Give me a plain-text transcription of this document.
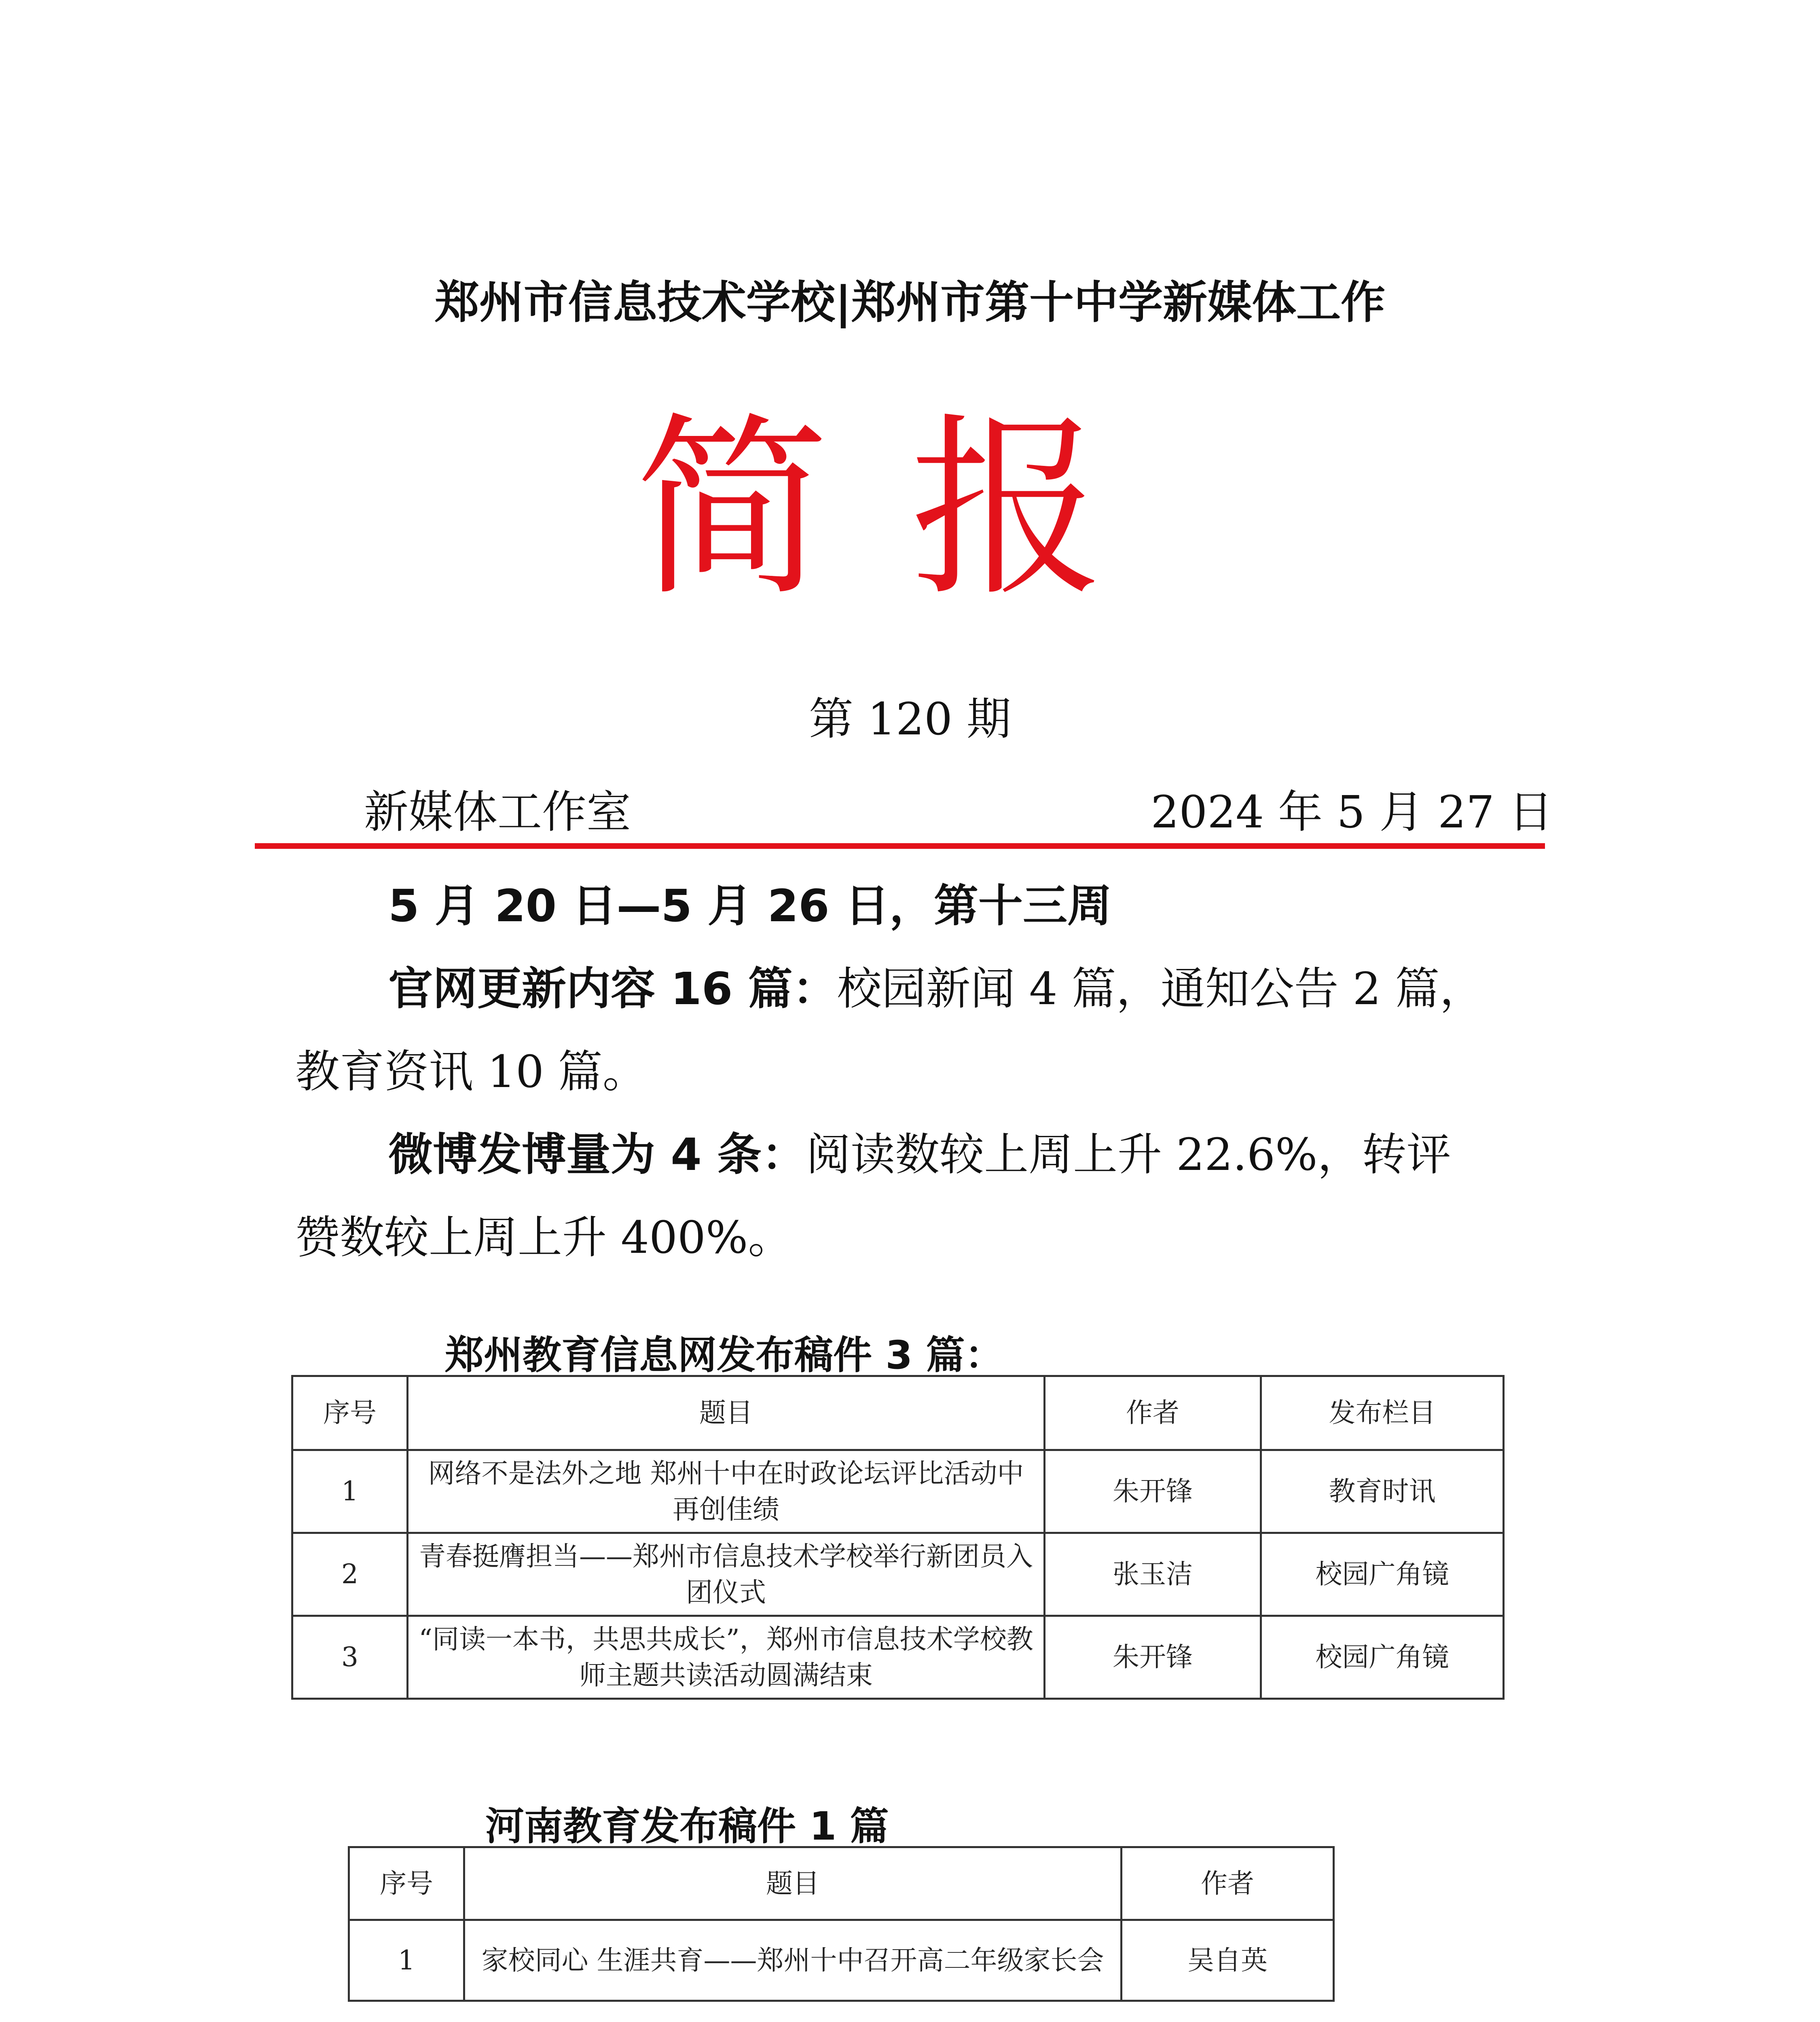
郑州市信息技术学校|郑州市第十中学新媒体工作
简报
第 120 期
新媒体工作室	2024 年 5 月 27 日
5 月 20 日—5 月 26 日，第十三周
官网更新内容 16 篇：校园新闻 4 篇，通知公告 2 篇，
教育资讯 10 篇。
微博发博量为 4 条：阅读数较上周上升 22.6%，转评
赞数较上周上升 400%。
郑州教育信息网发布稿件 3 篇：
序号	题目	作者	发布栏目
1	网络不是法外之地 郑州十中在时政论坛评比活动中再创佳绩	朱开锋	教育时讯
2	青春挺膺担当——郑州市信息技术学校举行新团员入团仪式	张玉洁	校园广角镜
3	“同读一本书，共思共成长”，郑州市信息技术学校教师主题共读活动圆满结束	朱开锋	校园广角镜
河南教育发布稿件 1 篇
序号	题目	作者
1	家校同心 生涯共育——郑州十中召开高二年级家长会	吴自英
